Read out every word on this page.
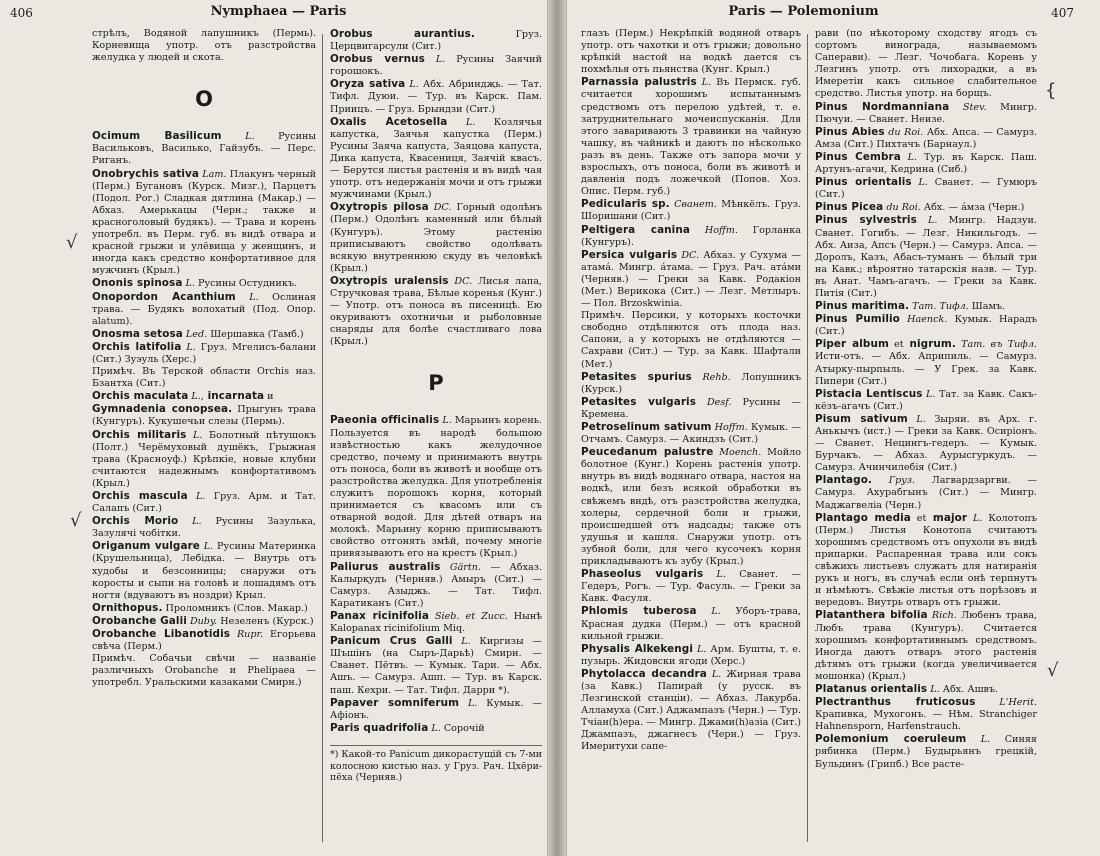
406	Nymphaea — Paris

стрѣлъ, Водяной лапушникъ (Пермь). Корневища употр. отъ разстройства желудка у людей и скота.

O

Ocimum Basilicum L. Русины Васильковъ, Василько, Гайзубъ. — Перс. Риганъ.

Onobrychis sativa Lam. Плакунъ черный (Перм.) Бугановъ (Курск. Мизг.), Парцетъ (Подол. Рог.) Сладкая дятлина (Макар.) — Абхаз. Амерькацы (Черн.; также и красноголовый будякъ). — Трава и корень употребл. въ Перм. губ. въ видѣ отвара и красной грыжи и улёвища у женщинъ, и иногда какъ средство конфортативное для мужчинъ (Крыл.)

Ononis spinosa L. Русины Остудникъ.

Onopordon Acanthium L. Ослиная трава. — Будякъ волохатый (Под. Опор. alatum).

Onosma setosa Led. Шершавка (Тамб.)

Orchis latifolia L. Груз. Мгелисъ-балани (Сит.) Зуэуль (Херс.)

Примѣч. Въ Терской области Orchis наз. Бзантха (Сит.)

Orchis maculata L., incarnata и

Gymnadenia conopsea. Прыгунъ трава (Кунгуръ). Кукушечьи слезы (Пермь).

Orchis militaris L. Болотный пѣтушокъ (Полт.) Черёмуховый душёкъ, Грыжная трава (Красноуф.) Крѣпкіе, новые клубни считаются надежнымъ конфортативомъ (Крыл.)

Orchis mascula L. Груз. Арм. и Тат. Салапъ (Сит.)

Orchis Morio L. Русины Зазулька, Зазулячі чобітки.

Origanum vulgare L. Русины Материнка (Крушельница), Лебідка. — Внутрь отъ худобы и безсонницы; снаружи отъ коросты и сыпи на головѣ и лошадямъ отъ ногтя (вдуваютъ въ ноздри) Крыл.

Ornithopus. Проломникъ (Слов. Макар.)

Orobanche Galii Duby. Незеленъ (Курск.)

Orobanche Libanotidis Rupr. Егорьева свѣча (Перм.)

Примѣч. Собачьи свѣчи — названіе различныхъ Orobanche и Phelipaea — употребл. Уральскими казаками Смирн.)

Orobus aurantius. Груз. Церцвигарсули (Сит.)

Orobus vernus L. Русины Заячий горошокъ.

Oryza sativa L. Абх. Абриндҗь. — Тат. Тифл. Дуюи. — Тур. въ Карск. Пам. Приицъ. — Груз. Брындзи (Сит.)

Oxalis Acetosella L. Козлячья капустка, Заячья капустка (Перм.) Русины Заяча капуста, Заяцова капуста, Дика капуста, Квасениця, Заячій квасъ. — Берутся листья растенія и въ видѣ чая употр. отъ недержанія мочи и отъ грыжи мужчинами (Крыл.)

Oxytropis pilosa DC. Горный одолѣнъ (Перм.) Одолѣнъ каменный или бѣлый (Кунгуръ). Этому растенію приписываютъ свойство одолѣвать всякую внутреннюю скуду въ человѣкѣ (Крыл.)

Oxytropis uralensis DC. Лисья лапа, Стручковая трава, Бѣлые коренья (Кунг.) — Употр. отъ поноса въ писеницѣ. Ею окуриваютъ охотничьи и рыболовные снаряды для болѣе счастливаго лова (Крыл.)

P

Paeonia officinalis L. Марьинъ корень. Пользуется въ народѣ большою извѣстностью какъ желудочное средство, почему и принимаютъ внутрь отъ поноса, боли въ животѣ и вообще отъ разстройства желудка. Для употребленія служитъ порошокъ корня, который принимается съ квасомъ или съ отварной водой. Для дѣтей отваръ на молокѣ. Марьину корню приписываютъ свойство отгонять змѣй, почему многіе привязываютъ его на крестъ (Крыл.)

Paliurus australis Gärtn. — Абхаз. Калырқудъ (Черняв.) Амыръ (Сит.) — Самурз. Азыджь. — Тат. Тифл. Каратиканъ (Сит.)

Panax ricinifolia Sieb. et Zucc. Нынѣ Kalopanax ricinifolium Miq.

Panicum Crus Galli L. Киргизы — Шъшінъ (на Сыръ-Дарьѣ) Смирн. — Сванет. Пётвъ. — Кумык. Тари. — Абх. Ашъ. — Самурз. Ашп. — Тур. въ Карск. паш. Кехри. — Тат. Тифл. Дарри *).

Papaver somniferum L. Кумык. — Афіонъ.

Paris quadrifolia L. Сорочій

*) Какой-то Panicum дикорастущій съ 7-ми колосною кистью наз. у Груз. Рач. Цхёри-пёха (Черняв.)
√
√
Paris — Polemonium	407

глазъ (Перм.) Некрѣпкій водяной отваръ употр. отъ чахотки и отъ грыжи; довольно крѣпкій настой на водкѣ дается съ похмѣлья отъ пьянства (Кунг. Крыл.)

Parnassia palustris L. Въ Пермск. губ. считается хорошимъ испытаннымъ средствомъ отъ перелою удѣтей, т. е. затруднительнаго мочеиспусканія. Для этого заваривають 3 травинки на чайную чашку, въ чайникѣ и даютъ по нѣсколько разъ въ день. Также отъ запора мочи у взрослыхъ, отъ поноса, боли въ животѣ и давленія подъ ложечкой (Попов. Хоз. Опис. Перм. губ.)

Pedicularis sp. Сванет. Мѣнкёлъ. Груз. Шоришани (Сит.)

Peltigera canina Hoffm. Горланка (Кунгуръ).

Persica vulgaris DC. Абхаз. у Сухума — атамá. Мингр. áтама. — Груз. Рач. атáми (Черняв.) — Греки за Кавк. Родакіон (Мет.) Верикока (Сит.) — Лезг. Метлыръ. — Пол. Brzoskwinia.

Примѣч. Персики, у которыхъ косточки свободно отдѣляются отъ плода наз. Сапони, а у которыхъ не отдѣляются — Сахрави (Сит.) — Тур. за Кавк. Шафтали (Мет.)

Petasites spurius Rehb. Лопушникъ (Курск.)

Petasites vulgaris Desf. Русины — Кремена.

Petroselinum sativum Hoffm. Кумык. — Отчамъ. Самурз. — Акиндзъ (Сит.)

Peucedanum palustre Moench. Мойло болотное (Кунг.) Корень растенія употр. внутрь въ видѣ водянаго отвара, настоя на водкѣ, или безъ всякой обработки въ свѣжемъ видѣ, отъ разстройства желудка, холеры, сердечной боли и грыжи, происшедшей отъ надсады; также отъ удушья и кашля. Снаружи употр. отъ зубной боли, для чего кусочекъ корня прикладываютъ къ зубу (Крыл.)

Phaseolus vulgaris L. Сванет. — Гедеръ, Рогъ. — Тур. Фасуль. — Греки за Кавк. Фасуля.

Phlomis tuberosa L. Уборъ-трава, Красная дудка (Перм.) — отъ красной кильной грыжи.

Physalis Alkekengi L. Арм. Бушты, т. е. пузырь. Жидовски ягоди (Херс.)

Phytolacca decandra L. Жирная трава (за Кавк.) Папирай (у русск. въ Лезгинской станціи). — Абхаз. Лакурба. Алламуха (Сит.) Аджампазъ (Черн.) — Тур. Тчіан(h)ера. — Мингр. Джами(h)азіа (Сит.) Джампазъ, джагнесъ (Черн.) — Груз. Имеритухи сапе-

рави (по нѣкоторому сходству ягодъ съ сортомъ винограда, называемомъ Саперави). — Лезг. Чочобага. Корень у Лезгинъ употр. отъ лихорадки, а въ Имеретіи какъ сильное слабительное средство. Листья употр. на борщъ.

Pinus Nordmanniana Stev. Мингр. Пючуи. — Сванет. Неизе.

Pinus Abies du Roi. Абх. Апса. — Самурз. Амза (Сит.) Пихтачъ (Барнаул.)

Pinus Cembra L. Тур. въ Карск. Паш. Артунъ-агачи, Кедрина (Сиб.)

Pinus orientalis L. Сванет. — Гумюръ (Сит.)

Pinus Picea du Roi. Абх. — áмза (Черн.)

Pinus sylvestris L. Мингр. Надзуи. Сванет. Гогибъ. — Лезг. Никильгодъ. — Абх. Аиза, Апсъ (Черн.) — Самурз. Апса. — Доролъ, Казъ, Абасъ-туманъ — бѣлый три на Кавк.; вѣроятно татарскія назв. — Тур. въ Анат. Чамъ-агачъ. — Греки за Кавк. Питія (Сит.)

Pinus maritima. Тат. Тифл. Шамъ.

Pinus Pumilio Haenck. Кумык. Нарадъ (Сит.)

Piper album et nigrum. Тат. въ Тифл. Исти-отъ. — Абх. Априпиль. — Самурз. Атырку-пырпыль. — У Грек. за Кавк. Пипери (Сит.)

Pistacia Lentiscus L. Тат. за Кавк. Сакъ-кёзъ-агачъ (Сит.)

Pisum sativum L. Зыряи. въ Арх. г. Анькычъ (ист.) — Греки за Кавк. Осиріонъ. — Сванет. Нецингъ-гедеръ. — Кумык. Бурчакъ. — Абхаз. Аурысгуркудъ. — Самурз. Ачинчилебія (Сит.)

Plantago. Груз. Лагвардзаргви. — Самурз. Ахурабгынъ (Сит.) — Мингр. Маджагвеліа (Черн.)

Plantago media et major L. Колотопъ (Перм.) Листья Конотопа считаютъ хорошимъ средствомъ отъ опухоли въ видѣ припарки. Распаренная трава или сокъ свѣжихъ листьевъ служатъ для натиранія рукъ и ногъ, въ случаѣ если онѣ терпнутъ и нѣмѣютъ. Свѣжіе листья отъ порѣзовъ и вередовъ. Внутрь отваръ отъ грыжи.

Platanthera bifolia Rich. Любенъ трава, Любъ трава (Кунгуръ). Считается хорошимъ конфортативнымъ средствомъ. Иногда даютъ отваръ этого растенія дѣтямъ отъ грыжи (когда увеличивается мошонка) (Крыл.)

Platanus orientalis L. Абх. Ашвъ.

Plectranthus fruticosus L'Herit. Крапивка, Мухогонъ. — Нѣм. Stranchiger Hahnensporn, Harfenstrauch.

Polemonium coeruleum L. Синяя рябинка (Перм.) Будырьянъ грецкій, Бульдинъ (Грипб.) Все расте-

{
√
